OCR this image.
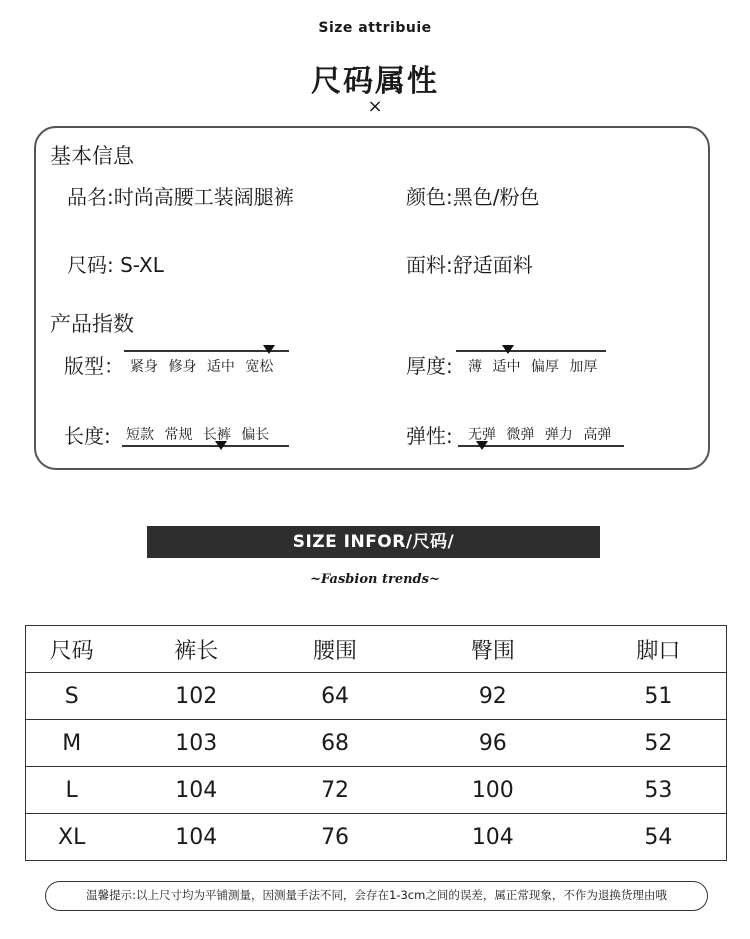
Size attribuie
尺码属性
×
基本信息
品名:时尚高腰工装阔腿裤	颜色:黑色/粉色
尺码: S-XL	面料:舒适面料
产品指数
版型： 紧身 修身 适中 宽松	厚度: 薄 适中 偏厚 加厚
长度: 短款 常规 长裤 偏长	弹性: 无弹 微弹 弹力 高弹
SIZE INFOR/尺码/
~Fasbion trends~
尺码	裤长	腰围	臀围	脚口
S	102	64	92	51
M	103	68	96	52
L	104	72	100	53
XL	104	76	104	54
温馨提示:以上尺寸均为平铺测量，因测量手法不同，会存在1-3cm之间的误差，属正常现象，不作为退换货理由哦
